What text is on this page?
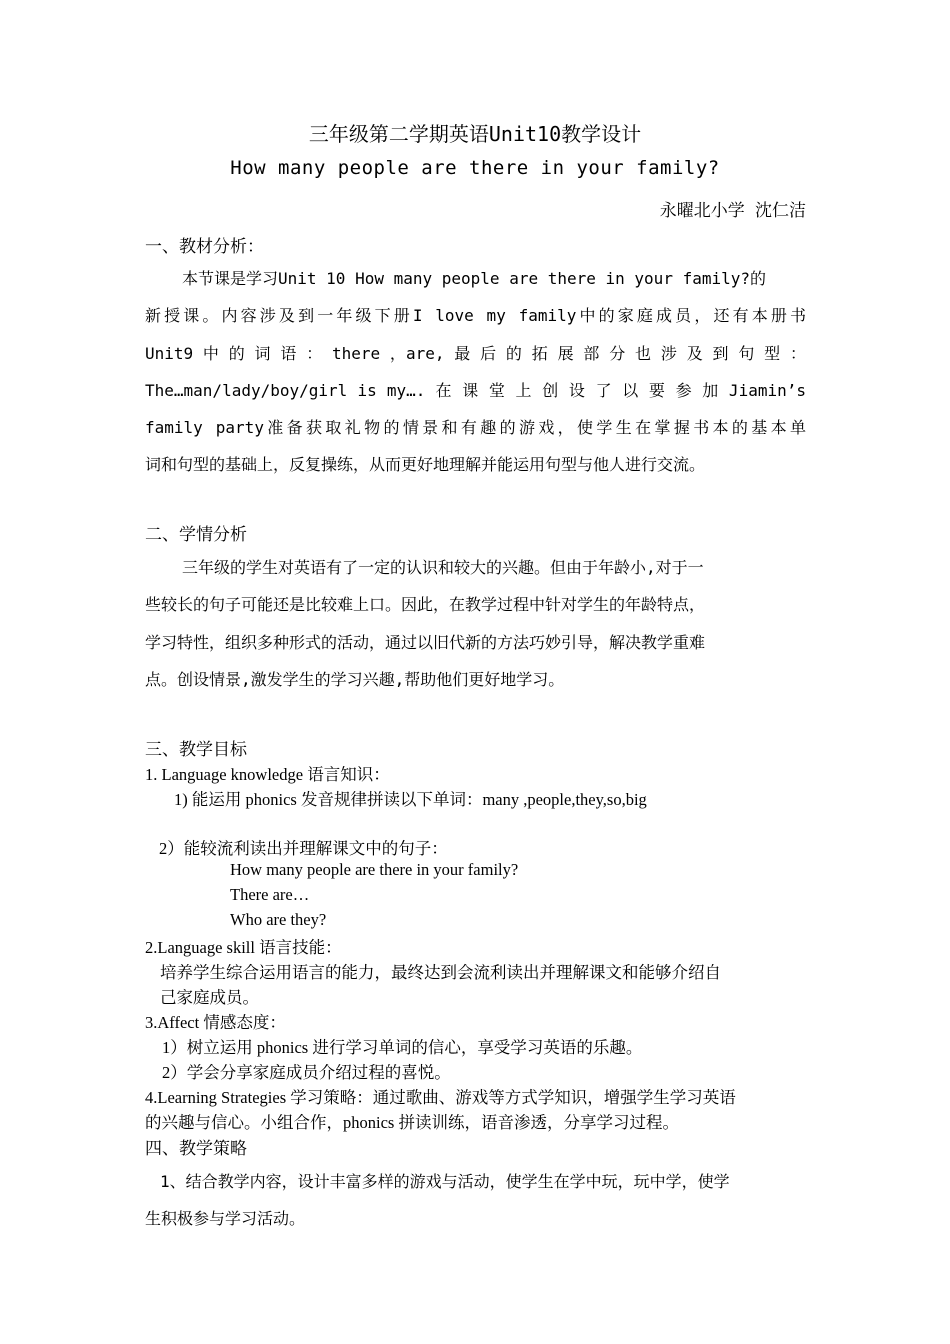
三年级第二学期英语Unit10教学设计
How many people are there in your family?
永曜北小学 沈仁洁
一、教材分析：
本节课是学习Unit 10 How many people are there in your family?的
新授课。内容涉及到一年级下册I love my family中的家庭成员，还有本册书
Unit9 中 的 词 语 ： there ，are, 最 后 的 拓 展 部 分 也 涉 及 到 句 型 ：
The…man/lady/boy/girl is my…. 在 课 堂 上 创 设 了 以 要 参 加 Jiamin’s
family party准备获取礼物的情景和有趣的游戏，使学生在掌握书本的基本单
词和句型的基础上，反复操练，从而更好地理解并能运用句型与他人进行交流。
二、学情分析
三年级的学生对英语有了一定的认识和较大的兴趣。但由于年龄小,对于一
些较长的句子可能还是比较难上口。因此，在教学过程中针对学生的年龄特点，
学习特性，组织多种形式的活动，通过以旧代新的方法巧妙引导，解决教学重难
点。创设情景,激发学生的学习兴趣,帮助他们更好地学习。
三、教学目标
1. Language knowledge 语言知识：
1) 能运用 phonics 发音规律拼读以下单词：many ,people,they,so,big
2）能较流利读出并理解课文中的句子：
How many people are there in your family?
There are…
Who are they?
2.Language skill 语言技能：
培养学生综合运用语言的能力，最终达到会流利读出并理解课文和能够介绍自
己家庭成员。
3.Affect 情感态度：
1）树立运用 phonics 进行学习单词的信心，享受学习英语的乐趣。
2）学会分享家庭成员介绍过程的喜悦。
4.Learning Strategies 学习策略：通过歌曲、游戏等方式学知识，增强学生学习英语
的兴趣与信心。小组合作，phonics 拼读训练，语音渗透，分享学习过程。
四、教学策略
1、结合教学内容，设计丰富多样的游戏与活动，使学生在学中玩，玩中学，使学
生积极参与学习活动。
